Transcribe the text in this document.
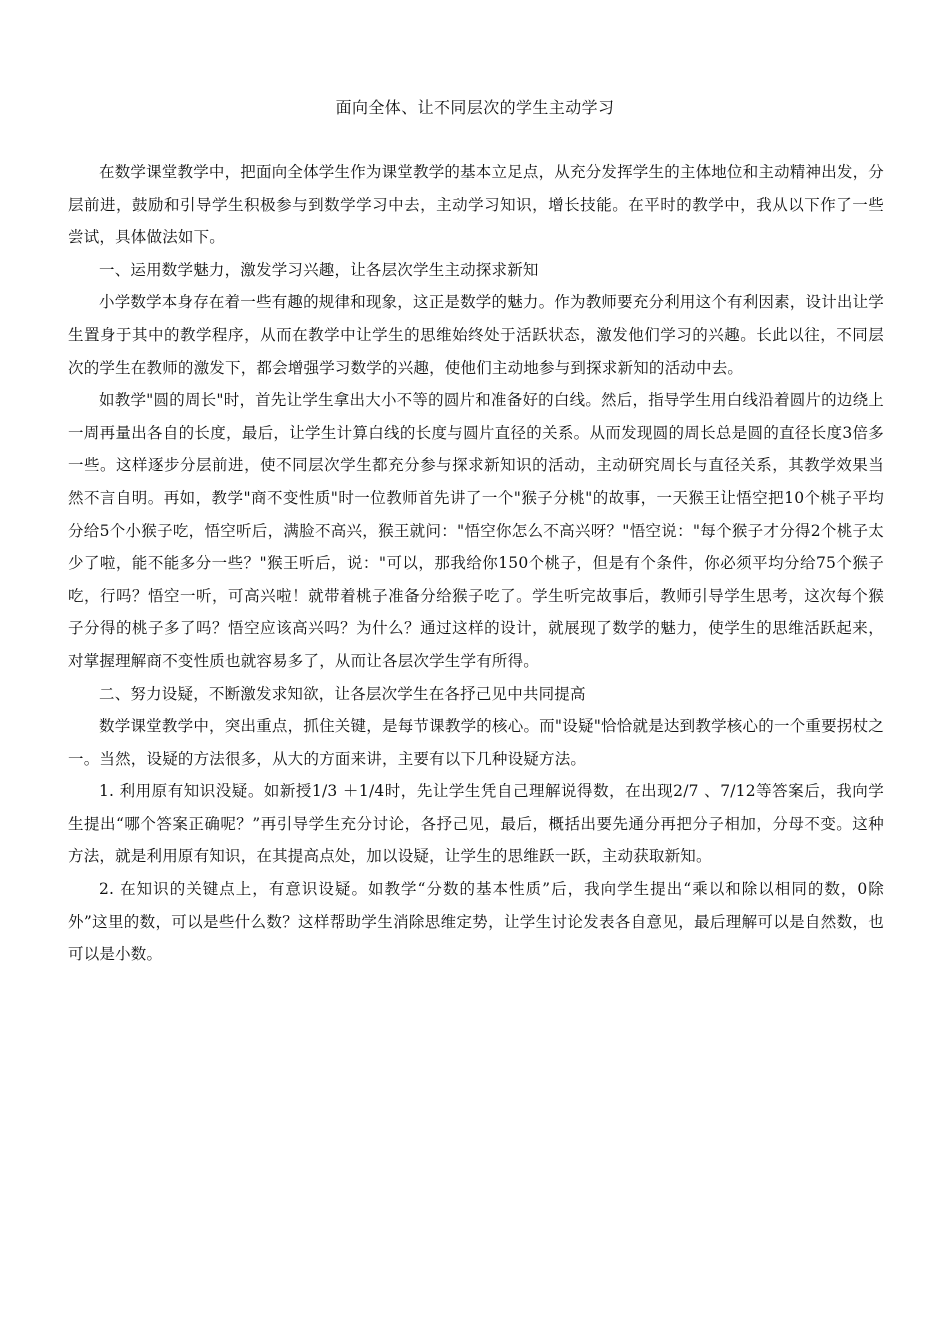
面向全体、让不同层次的学生主动学习

在数学课堂教学中，把面向全体学生作为课堂教学的基本立足点，从充分发挥学生的主体地位和主动精神出发，分层前进，鼓励和引导学生积极参与到数学学习中去，主动学习知识，增长技能。在平时的教学中，我从以下作了一些尝试，具体做法如下。

一、运用数学魅力，激发学习兴趣，让各层次学生主动探求新知

小学数学本身存在着一些有趣的规律和现象，这正是数学的魅力。作为教师要充分利用这个有利因素，设计出让学生置身于其中的教学程序，从而在教学中让学生的思维始终处于活跃状态，激发他们学习的兴趣。长此以往，不同层次的学生在教师的激发下，都会增强学习数学的兴趣，使他们主动地参与到探求新知的活动中去。

如教学"圆的周长"时，首先让学生拿出大小不等的圆片和准备好的白线。然后，指导学生用白线沿着圆片的边绕上一周再量出各自的长度，最后，让学生计算白线的长度与圆片直径的关系。从而发现圆的周长总是圆的直径长度3倍多一些。这样逐步分层前进，使不同层次学生都充分参与探求新知识的活动，主动研究周长与直径关系，其教学效果当然不言自明。再如，教学"商不变性质"时一位教师首先讲了一个"猴子分桃"的故事，一天猴王让悟空把10个桃子平均分给5个小猴子吃，悟空听后，满脸不高兴，猴王就问："悟空你怎么不高兴呀？"悟空说："每个猴子才分得2个桃子太少了啦，能不能多分一些？"猴王听后，说："可以，那我给你150个桃子，但是有个条件，你必须平均分给75个猴子吃，行吗？悟空一听，可高兴啦！就带着桃子准备分给猴子吃了。学生听完故事后，教师引导学生思考，这次每个猴子分得的桃子多了吗？悟空应该高兴吗？为什么？通过这样的设计，就展现了数学的魅力，使学生的思维活跃起来，对掌握理解商不变性质也就容易多了，从而让各层次学生学有所得。

二、努力设疑，不断激发求知欲，让各层次学生在各抒己见中共同提高

数学课堂教学中，突出重点，抓住关键，是每节课教学的核心。而"设疑"恰恰就是达到教学核心的一个重要拐杖之一。当然，设疑的方法很多，从大的方面来讲，主要有以下几种设疑方法。

1. 利用原有知识没疑。如新授1/3 ＋1/4时，先让学生凭自己理解说得数，在出现2/7 、7/12等答案后，我向学生提出“哪个答案正确呢？”再引导学生充分讨论，各抒己见，最后，概括出要先通分再把分子相加，分母不变。这种方法，就是利用原有知识，在其提高点处，加以设疑，让学生的思维跃一跃，主动获取新知。

2. 在知识的关键点上，有意识设疑。如教学“分数的基本性质”后，我向学生提出“乘以和除以相同的数，0除外”这里的数，可以是些什么数？这样帮助学生消除思维定势，让学生讨论发表各自意见，最后理解可以是自然数，也可以是小数。
